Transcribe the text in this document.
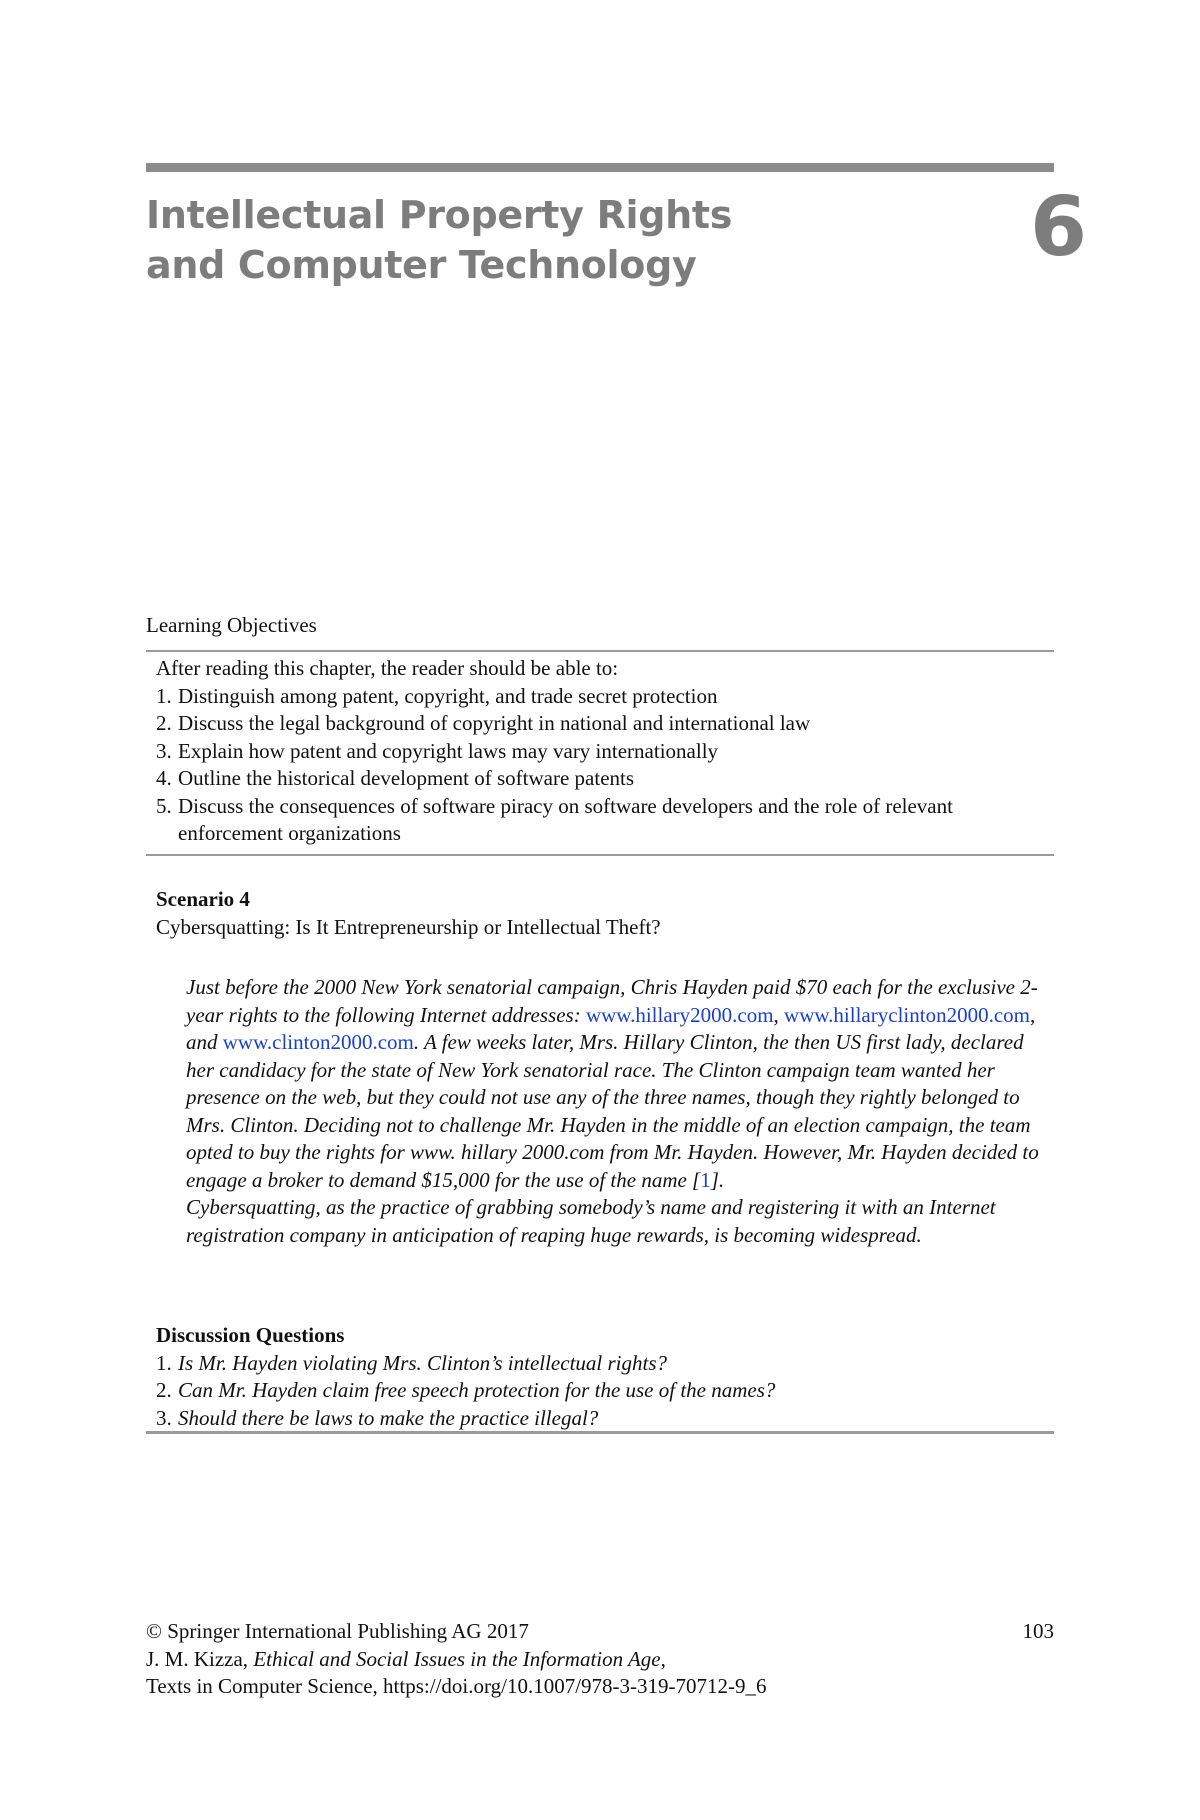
Intellectual Property Rights
and Computer Technology	6
Learning Objectives
After reading this chapter, the reader should be able to:
1. Distinguish among patent, copyright, and trade secret protection
2. Discuss the legal background of copyright in national and international law
3. Explain how patent and copyright laws may vary internationally
4. Outline the historical development of software patents
5. Discuss the consequences of software piracy on software developers and the role of relevant enforcement organizations
Scenario 4
Cybersquatting: Is It Entrepreneurship or Intellectual Theft?

Just before the 2000 New York senatorial campaign, Chris Hayden paid $70 each for the exclusive 2-year rights to the following Internet addresses: www.hillary2000.com, www.hillaryclinton2000.com, and www.clinton2000.com. A few weeks later, Mrs. Hillary Clinton, the then US first lady, declared her candidacy for the state of New York senatorial race. The Clinton campaign team wanted her presence on the web, but they could not use any of the three names, though they rightly belonged to Mrs. Clinton. Deciding not to challenge Mr. Hayden in the middle of an election campaign, the team opted to buy the rights for www. hillary 2000.com from Mr. Hayden. However, Mr. Hayden decided to engage a broker to demand $15,000 for the use of the name [1].

Cybersquatting, as the practice of grabbing somebody’s name and registering it with an Internet registration company in anticipation of reaping huge rewards, is becoming widespread.

Discussion Questions
1. Is Mr. Hayden violating Mrs. Clinton’s intellectual rights?
2. Can Mr. Hayden claim free speech protection for the use of the names?
3. Should there be laws to make the practice illegal?
© Springer International Publishing AG 2017	103
J. M. Kizza, Ethical and Social Issues in the Information Age,
Texts in Computer Science, https://doi.org/10.1007/978-3-319-70712-9_6
